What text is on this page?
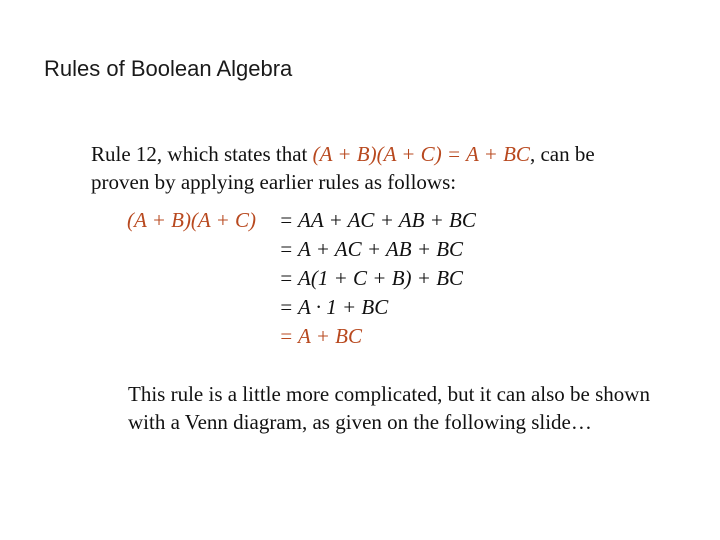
Rules of Boolean Algebra
Rule 12, which states that (A + B)(A + C) = A + BC, can be proven by applying earlier rules as follows:
(A + B)(A + C) = AA + AC + AB + BC
= A + AC + AB + BC
= A(1 + C + B) + BC
= A · 1 + BC
= A + BC
This rule is a little more complicated, but it can also be shown with a Venn diagram, as given on the following slide…
